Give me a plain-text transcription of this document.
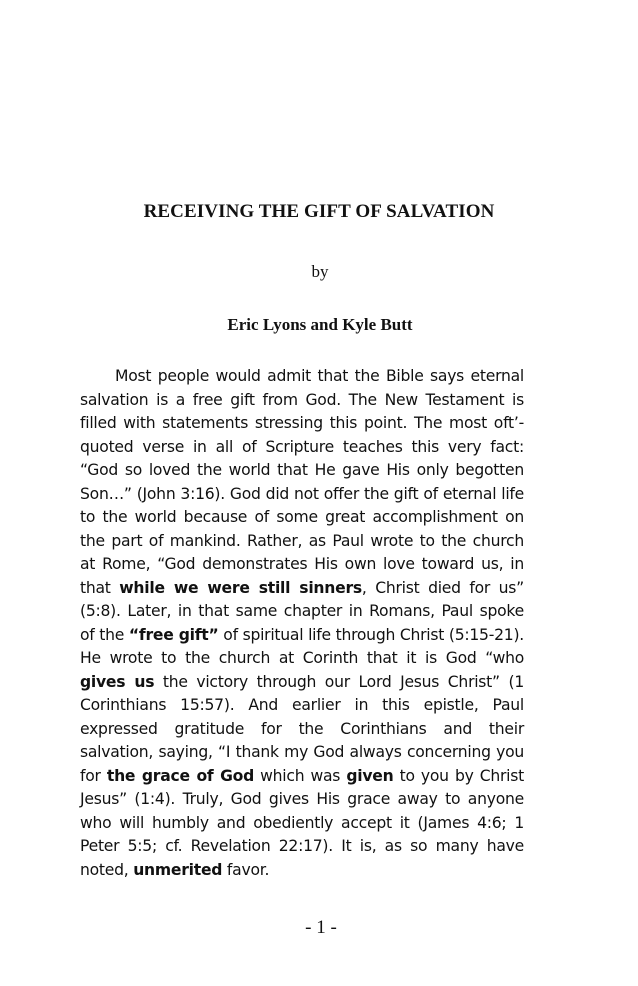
RECEIVING THE GIFT OF SALVATION
by
Eric Lyons and Kyle Butt

Most people would admit that the Bible says eternal salvation is a free gift from God. The New Testament is filled with statements stressing this point. The most oft’-quoted verse in all of Scripture teaches this very fact: “God so loved the world that He gave His only begotten Son…” (John 3:16). God did not offer the gift of eternal life to the world because of some great accomplishment on the part of mankind. Rather, as Paul wrote to the church at Rome, “God demonstrates His own love toward us, in that while we were still sinners, Christ died for us” (5:8). Later, in that same chapter in Romans, Paul spoke of the “free gift” of spiritual life through Christ (5:15-21). He wrote to the church at Corinth that it is God “who gives us the victory through our Lord Jesus Christ” (1 Corinthians 15:57). And earlier in this epistle, Paul expressed gratitude for the Corinthians and their salvation, saying, “I thank my God always concerning you for the grace of God which was given to you by Christ Jesus” (1:4). Truly, God gives His grace away to anyone who will humbly and obediently accept it (James 4:6; 1 Peter 5:5; cf. Revelation 22:17). It is, as so many have noted, unmerited favor.

- 1 -
